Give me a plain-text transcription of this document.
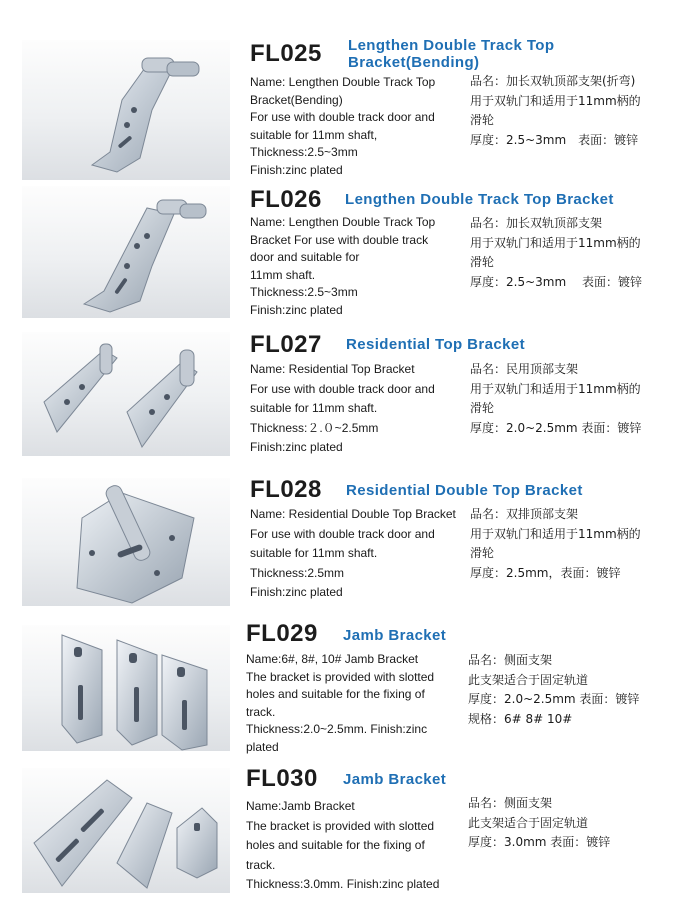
FL025 Lengthen Double Track Top
Bracket(Bending)
Name: Lengthen Double Track Top
Bracket(Bending)
For use with double track door and
suitable for 11mm shaft,
Thickness:2.5~3mm
Finish:zinc plated
品名：加长双轨顶部支架(折弯)
用于双轨门和适用于11mm柄的
滑轮
厚度：2.5~3mm　表面：镀锌
FL026 Lengthen Double Track Top Bracket
Name: Lengthen Double Track Top
Bracket For use with double track
door and suitable for
11mm shaft.
Thickness:2.5~3mm
Finish:zinc plated
品名：加长双轨顶部支架
用于双轨门和适用于11mm柄的
滑轮
厚度：2.5~3mm　 表面：镀锌
FL027 Residential Top Bracket
Name: Residential Top Bracket
For use with double track door and
suitable for 11mm shaft.
Thickness:２.０~2.5mm
Finish:zinc plated
品名：民用顶部支架
用于双轨门和适用于11mm柄的
滑轮
厚度：2.0~2.5mm 表面：镀锌
FL028 Residential Double Top Bracket
Name: Residential Double Top Bracket
For use with double track door and
suitable for 11mm shaft.
Thickness:2.5mm
Finish:zinc plated
品名：双排顶部支架
用于双轨门和适用于11mm柄的
滑轮
厚度：2.5mm，表面：镀锌
FL029 Jamb Bracket
Name:6#, 8#, 10# Jamb Bracket
The bracket is provided with slotted
holes and suitable for the fixing of
track.
Thickness:2.0~2.5mm. Finish:zinc
plated
品名：侧面支架
此支架适合于固定轨道
厚度：2.0~2.5mm 表面：镀锌
规格：6# 8# 10#
FL030 Jamb Bracket
Name:Jamb Bracket
The bracket is provided with slotted
holes and suitable for the fixing of
track.
Thickness:3.0mm. Finish:zinc plated
品名：侧面支架
此支架适合于固定轨道
厚度：3.0mm 表面：镀锌
